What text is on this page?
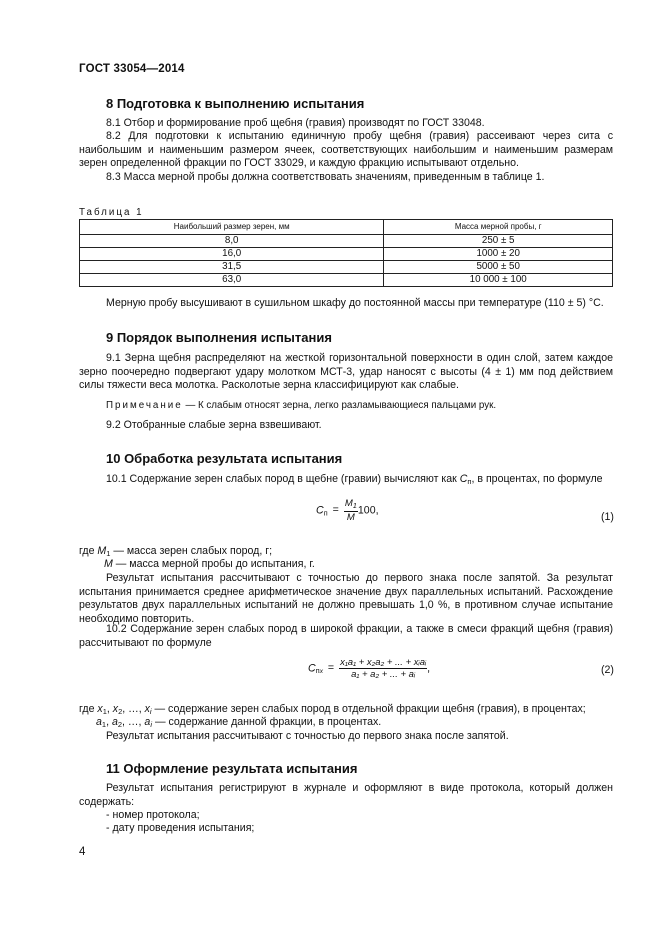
ГОСТ 33054—2014
8 Подготовка к выполнению испытания
8.1 Отбор и формирование проб щебня (гравия) производят по ГОСТ 33048.
8.2 Для подготовки к испытанию единичную пробу щебня (гравия) рассеивают через сита с наибольшим и наименьшим размером ячеек, соответствующих наибольшим и наименьшим размерам зерен определенной фракции по ГОСТ 33029, и каждую фракцию испытывают отдельно.
8.3 Масса мерной пробы должна соответствовать значениям, приведенным в таблице 1.
Таблица 1
Наибольший размер зерен, мм	Масса мерной пробы, г
8,0	250 ± 5
16,0	1000 ± 20
31,5	5000 ± 50
63,0	10 000 ± 100
Мерную пробу высушивают в сушильном шкафу до постоянной массы при температуре (110 ± 5) °С.
9 Порядок выполнения испытания
9.1 Зерна щебня распределяют на жесткой горизонтальной поверхности в один слой, затем каждое зерно поочередно подвергают удару молотком МСТ-3, удар наносят с высоты (4 ± 1) мм под действием силы тяжести веса молотка. Расколотые зерна классифицируют как слабые.
Примечание — К слабым относят зерна, легко разламывающиеся пальцами рук.
9.2 Отобранные слабые зерна взвешивают.
10 Обработка результата испытания
10.1 Содержание зерен слабых пород в щебне (гравии) вычисляют как $C_п$, в процентах, по формуле
$C_п = \frac{M_1}{M} 100$,
(1)
где $M_1$ — масса зерен слабых пород, г;
M — масса мерной пробы до испытания, г.
Результат испытания рассчитывают с точностью до первого знака после запятой. За результат испытания принимается среднее арифметическое значение двух параллельных испытаний. Расхождение результатов двух параллельных испытаний не должно превышать 1,0 %, в противном случае испытание необходимо повторить.
10.2 Содержание зерен слабых пород в широкой фракции, а также в смеси фракций щебня (гравия) рассчитывают по формуле
$C_{пx} = \frac{\text{x₁a₁ + x₂a₂ + ... + xᵢaᵢ}}{\text{a₁ + a₂ + ... + aᵢ}}$ ,	(2)
где $x_1$, $x_2$, …, $x_i$ — содержание зерен слабых пород в отдельной фракции щебня (гравия), в процентах;
$a_1$, $a_2$, …, $a_i$ — содержание данной фракции, в процентах.
Результат испытания рассчитывают с точностью до первого знака после запятой.
11 Оформление результата испытания
Результат испытания регистрируют в журнале и оформляют в виде протокола, который должен содержать:
- номер протокола;
- дату проведения испытания;
4
